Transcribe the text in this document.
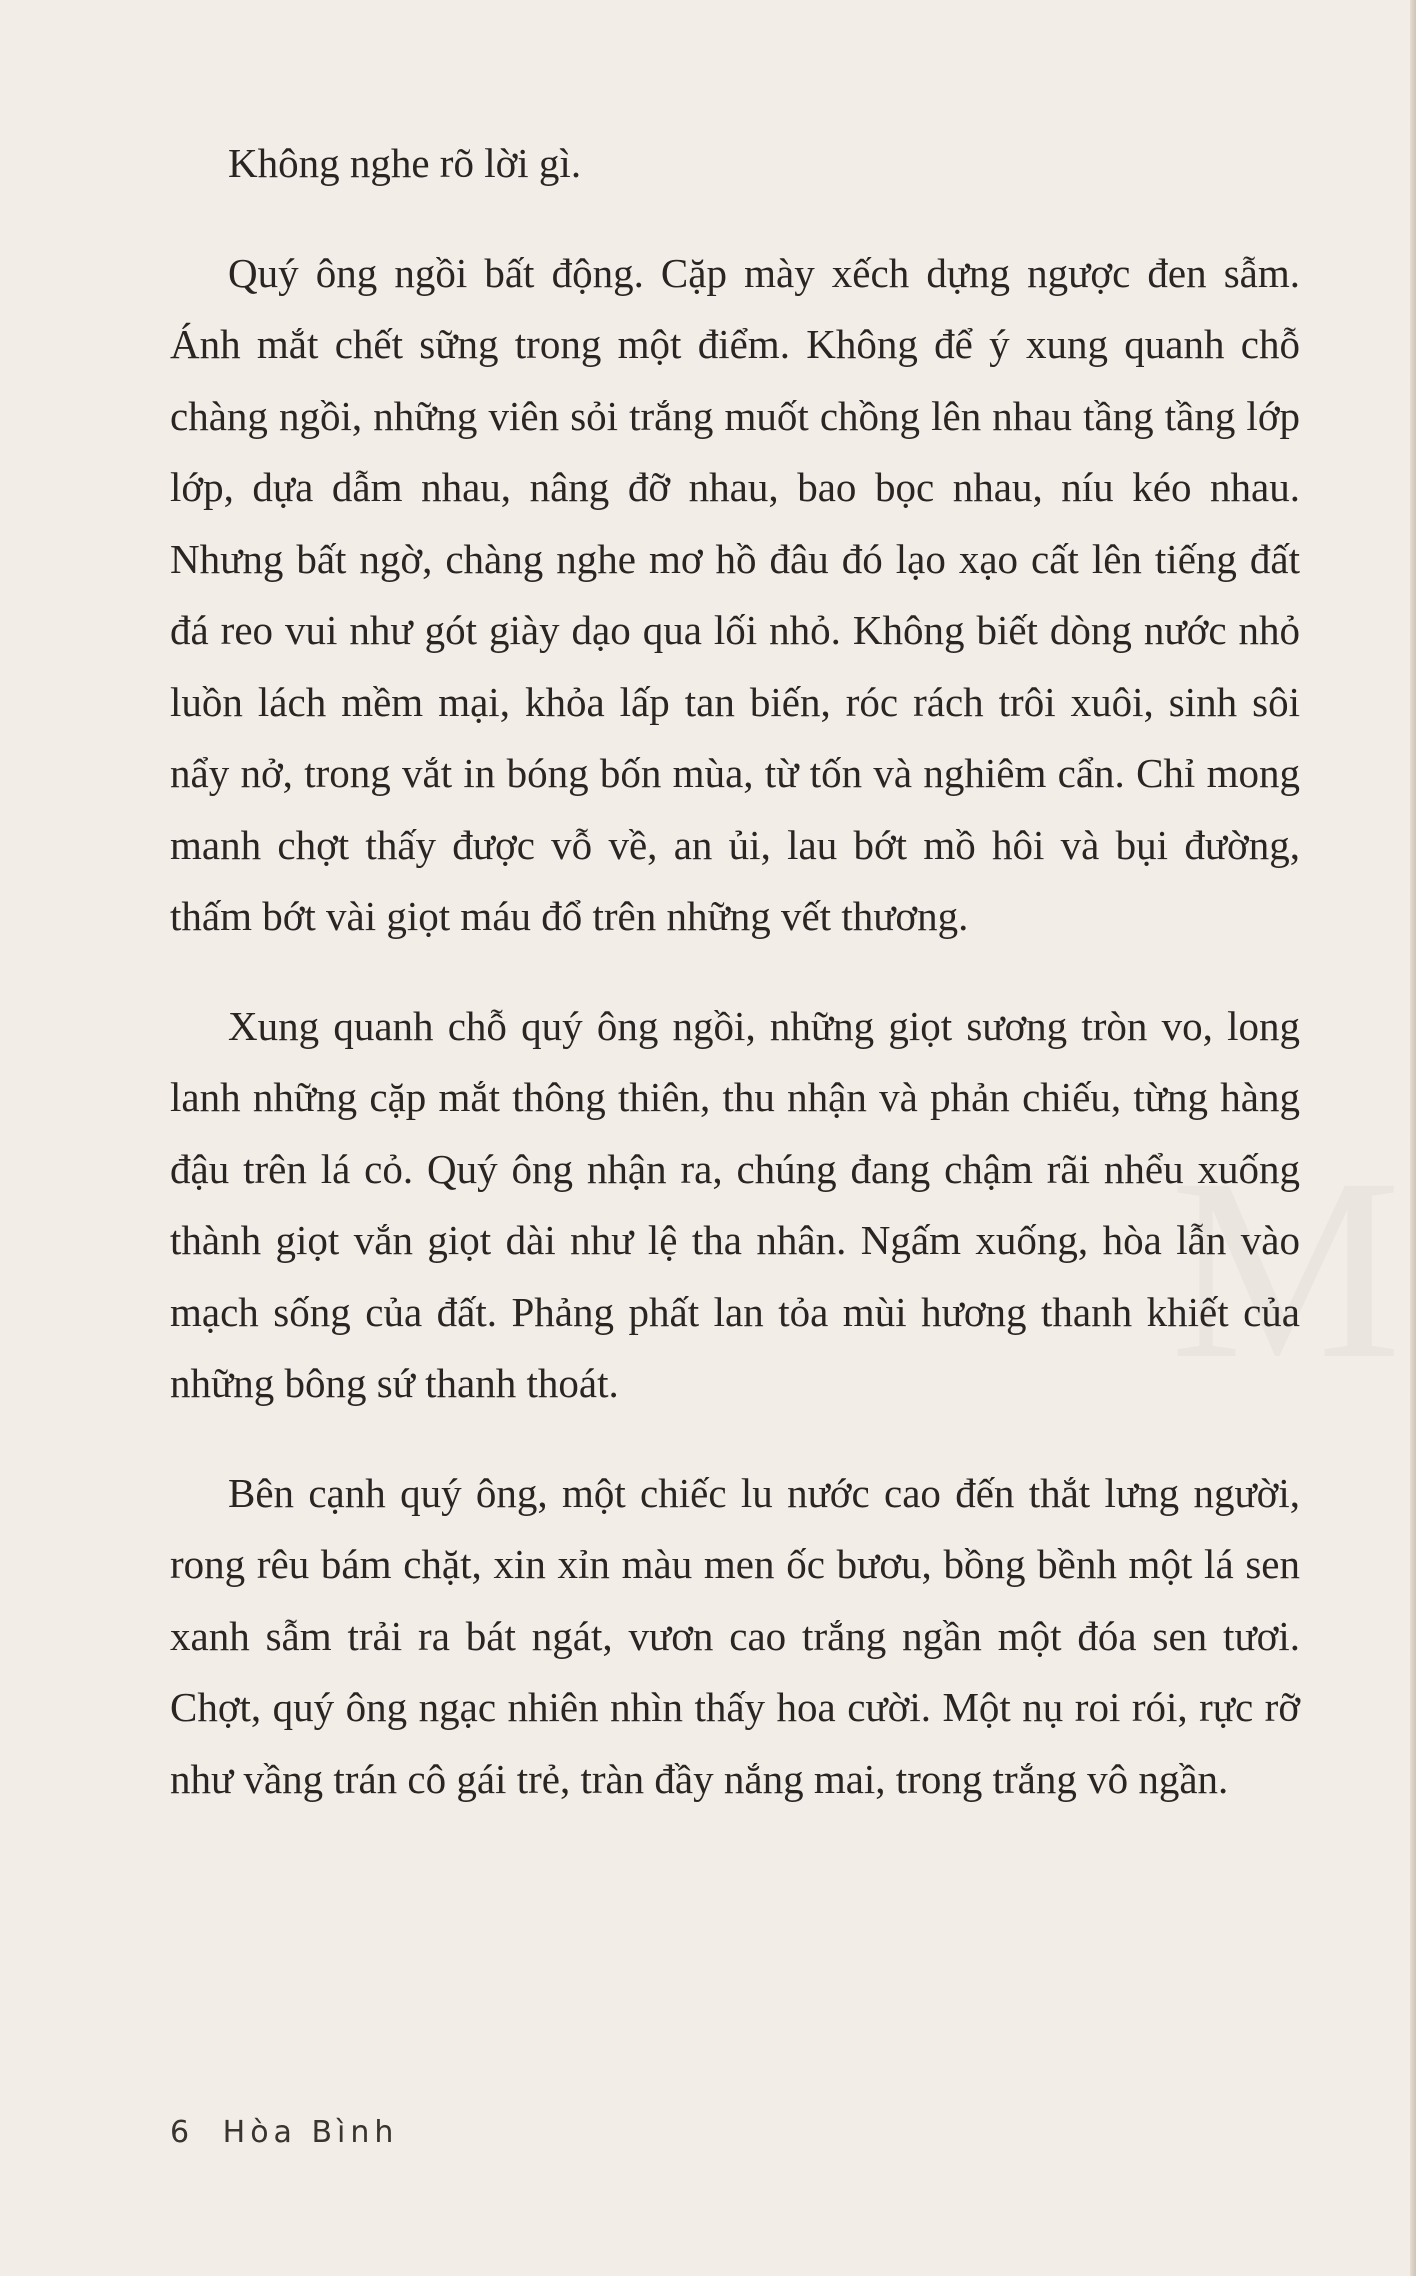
M

Không nghe rõ lời gì.

Quý ông ngồi bất động. Cặp mày xếch dựng ngược đen sẫm. Ánh mắt chết sững trong một điểm. Không để ý xung quanh chỗ chàng ngồi, những viên sỏi trắng muốt chồng lên nhau tầng tầng lớp lớp, dựa dẫm nhau, nâng đỡ nhau, bao bọc nhau, níu kéo nhau. Nhưng bất ngờ, chàng nghe mơ hồ đâu đó lạo xạo cất lên tiếng đất đá reo vui như gót giày dạo qua lối nhỏ. Không biết dòng nước nhỏ luồn lách mềm mại, khỏa lấp tan biến, róc rách trôi xuôi, sinh sôi nẩy nở, trong vắt in bóng bốn mùa, từ tốn và nghiêm cẩn. Chỉ mong manh chợt thấy được vỗ về, an ủi, lau bớt mồ hôi và bụi đường, thấm bớt vài giọt máu đổ trên những vết thương.

Xung quanh chỗ quý ông ngồi, những giọt sương tròn vo, long lanh những cặp mắt thông thiên, thu nhận và phản chiếu, từng hàng đậu trên lá cỏ. Quý ông nhận ra, chúng đang chậm rãi nhểu xuống thành giọt vắn giọt dài như lệ tha nhân. Ngấm xuống, hòa lẫn vào mạch sống của đất. Phảng phất lan tỏa mùi hương thanh khiết của những bông sứ thanh thoát.

Bên cạnh quý ông, một chiếc lu nước cao đến thắt lưng người, rong rêu bám chặt, xin xỉn màu men ốc bươu, bồng bềnh một lá sen xanh sẫm trải ra bát ngát, vươn cao trắng ngần một đóa sen tươi. Chợt, quý ông ngạc nhiên nhìn thấy hoa cười. Một nụ roi rói, rực rỡ như vầng trán cô gái trẻ, tràn đầy nắng mai, trong trắng vô ngần.

6 Hòa Bình
